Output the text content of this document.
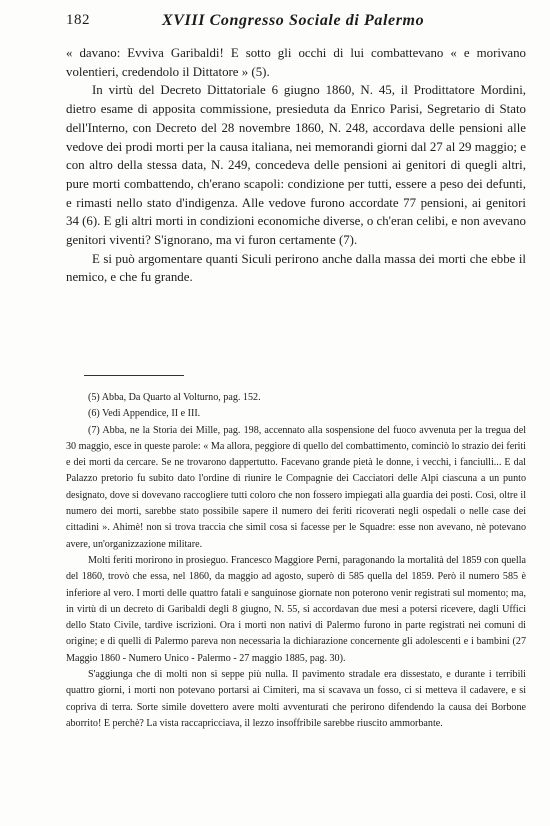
182	XVIII Congresso Sociale di Palermo

« davano: Evviva Garibaldi! E sotto gli occhi di lui combattevano « e morivano volentieri, credendolo il Dittatore » (5).

In virtù del Decreto Dittatoriale 6 giugno 1860, N. 45, il Prodittatore Mordini, dietro esame di apposita commissione, presieduta da Enrico Parisi, Segretario di Stato dell'Interno, con Decreto del 28 novembre 1860, N. 248, accordava delle pensioni alle vedove dei prodi morti per la causa italiana, nei memorandi giorni dal 27 al 29 maggio; e con altro della stessa data, N. 249, concedeva delle pensioni ai genitori di quegli altri, pure morti combattendo, ch'erano scapoli: condizione per tutti, essere a peso dei defunti, e rimasti nello stato d'indigenza. Alle vedove furono accordate 77 pensioni, ai genitori 34 (6). E gli altri morti in condizioni economiche diverse, o ch'eran celibi, e non avevano genitori viventi? S'ignorano, ma vi furon certamente (7).

E si può argomentare quanti Siculi perirono anche dalla massa dei morti che ebbe il nemico, e che fu grande.

(5) Abba, Da Quarto al Volturno, pag. 152.

(6) Vedi Appendice, II e III.

(7) Abba, ne la Storia dei Mille, pag. 198, accennato alla sospensione del fuoco avvenuta per la tregua del 30 maggio, esce in queste parole: « Ma allora, peggiore di quello del combattimento, cominciò lo strazio dei feriti e dei morti da cercare. Se ne trovarono dappertutto. Facevano grande pietà le donne, i vecchi, i fanciulli... E dal Palazzo pretorio fu subito dato l'ordine di riunire le Compagnie dei Cacciatori delle Alpi ciascuna a un punto designato, dove si dovevano raccogliere tutti coloro che non fossero impiegati alla guardia dei posti. Così, oltre il numero dei morti, sarebbe stato possibile sapere il numero dei feriti ricoverati negli ospedali o nelle case dei cittadini ». Ahimè! non si trova traccia che simil cosa si facesse per le Squadre: esse non avevano, nè potevano avere, un'organizzazione militare.

Molti feriti morirono in prosieguo. Francesco Maggiore Perni, paragonando la mortalità del 1859 con quella del 1860, trovò che essa, nel 1860, da maggio ad agosto, superò di 585 quella del 1859. Però il numero 585 è inferiore al vero. I morti delle quattro fatali e sanguinose giornate non poterono venir registrati sul momento; ma, in virtù di un decreto di Garibaldi degli 8 giugno, N. 55, si accordavan due mesi a potersi ricevere, dagli Uffici dello Stato Civile, tardive iscrizioni. Ora i morti non nativi di Palermo furono in parte registrati nei comuni di origine; e di quelli di Palermo pareva non necessaria la dichiarazione concernente gli adolescenti e i bambini (27 Maggio 1860 - Numero Unico - Palermo - 27 maggio 1885, pag. 30).

S'aggiunga che di molti non si seppe più nulla. Il pavimento stradale era dissestato, e durante i terribili quattro giorni, i morti non potevano portarsi ai Cimiteri, ma si scavava un fosso, ci si metteva il cadavere, e si copriva di terra. Sorte simile dovettero avere molti avventurati che perirono difendendo la causa dei Borbone aborrito! E perchè? La vista raccapricciava, il lezzo insoffribile sarebbe riuscito ammorbante.
